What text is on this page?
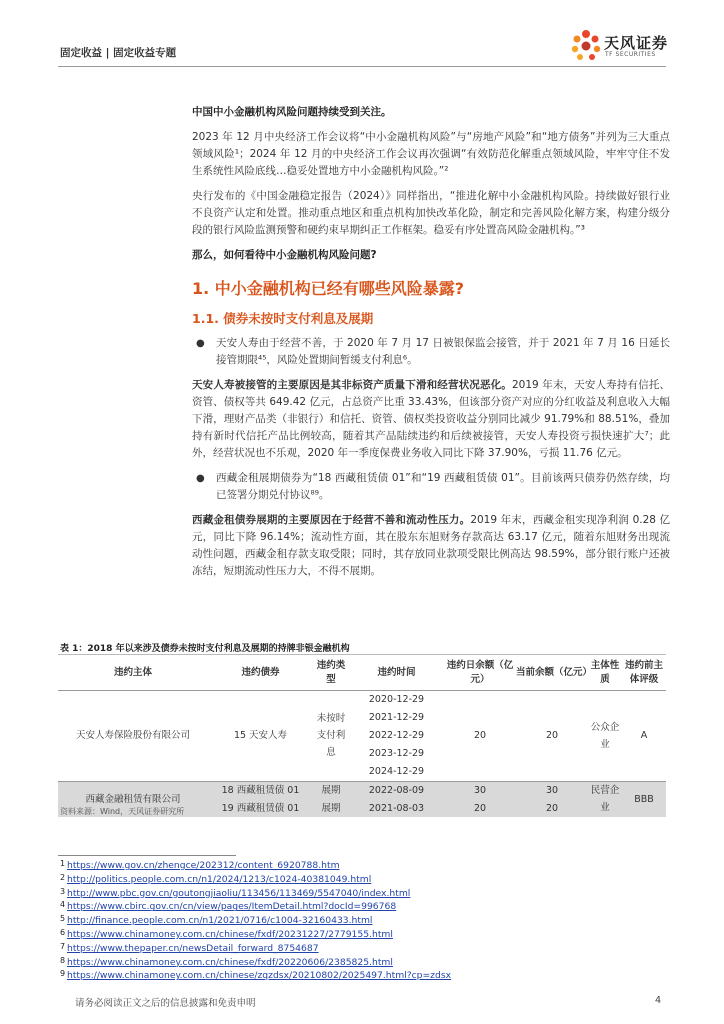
固定收益 | 固定收益专题
天风证券
TF SECURITIES

中国中小金融机构风险问题持续受到关注。

2023 年 12 月中央经济工作会议将“中小金融机构风险”与“房地产风险”和“地方债务”并列为三大重点领域风险¹；2024 年 12 月的中央经济工作会议再次强调“有效防范化解重点领域风险，牢牢守住不发生系统性风险底线…稳妥处置地方中小金融机构风险。”²

央行发布的《中国金融稳定报告（2024）》同样指出，“推进化解中小金融机构风险。持续做好银行业不良资产认定和处置。推动重点地区和重点机构加快改革化险，制定和完善风险化解方案，构建分级分段的银行风险监测预警和硬约束早期纠正工作框架。稳妥有序处置高风险金融机构。”³

那么，如何看待中小金融机构风险问题?

1. 中小金融机构已经有哪些风险暴露?
1.1. 债券未按时支付利息及展期
● 天安人寿由于经营不善，于 2020 年 7 月 17 日被银保监会接管，并于 2021 年 7 月 16 日延长接管期限⁴⁵，风险处置期间暂缓支付利息⁶。

天安人寿被接管的主要原因是其非标资产质量下滑和经营状况恶化。2019 年末，天安人寿持有信托、资管、债权等共 649.42 亿元，占总资产比重 33.43%，但该部分资产对应的分红收益及利息收入大幅下滑，理财产品类（非银行）和信托、资管、债权类投资收益分别同比减少 91.79%和 88.51%，叠加持有新时代信托产品比例较高，随着其产品陆续违约和后续被接管，天安人寿投资亏损快速扩大⁷；此外，经营状况也不乐观，2020 年一季度保费业务收入同比下降 37.90%，亏损 11.76 亿元。

● 西藏金租展期债券为“18 西藏租赁债 01”和“19 西藏租赁债 01”。目前该两只债券仍然存续，均已签署分期兑付协议⁸⁹。

西藏金租债券展期的主要原因在于经营不善和流动性压力。2019 年末，西藏金租实现净利润 0.28 亿元，同比下降 96.14%；流动性方面，其在股东东旭财务存款高达 63.17 亿元，随着东旭财务出现流动性问题，西藏金租存款支取受限；同时，其存放同业款项受限比例高达 98.59%，部分银行账户还被冻结，短期流动性压力大，不得不展期。

表 1：2018 年以来涉及债券未按时支付利息及展期的持牌非银金融机构
违约主体	违约债券	违约类型	违约时间	违约日余额（亿元）	当前余额（亿元）	主体性质	违约前主体评级
天安人寿保险股份有限公司	15 天安人寿	未按时支付利息	2020-12-29
2021-12-29
2022-12-29
2023-12-29
2024-12-29	20	20	公众企业	A
西藏金融租赁有限公司	18 西藏租赁债 01	展期	2022-08-09	30	30	民营企业	BBB
	19 西藏租赁债 01	展期	2021-08-03	20	20		
资料来源：Wind，天风证券研究所
1 https://www.gov.cn/zhengce/202312/content_6920788.htm
2 http://politics.people.com.cn/n1/2024/1213/c1024-40381049.html
3 http://www.pbc.gov.cn/goutongjiaoliu/113456/113469/5547040/index.html
4 https://www.cbirc.gov.cn/cn/view/pages/ItemDetail.html?docId=996768
5 http://finance.people.com.cn/n1/2021/0716/c1004-32160433.html
6 https://www.chinamoney.com.cn/chinese/fxdf/20231227/2779155.html
7 https://www.thepaper.cn/newsDetail_forward_8754687
8 https://www.chinamoney.com.cn/chinese/fxdf/20220606/2385825.html
9 https://www.chinamoney.com.cn/chinese/zqzdsx/20210802/2025497.html?cp=zdsx
请务必阅读正文之后的信息披露和免责申明	4
